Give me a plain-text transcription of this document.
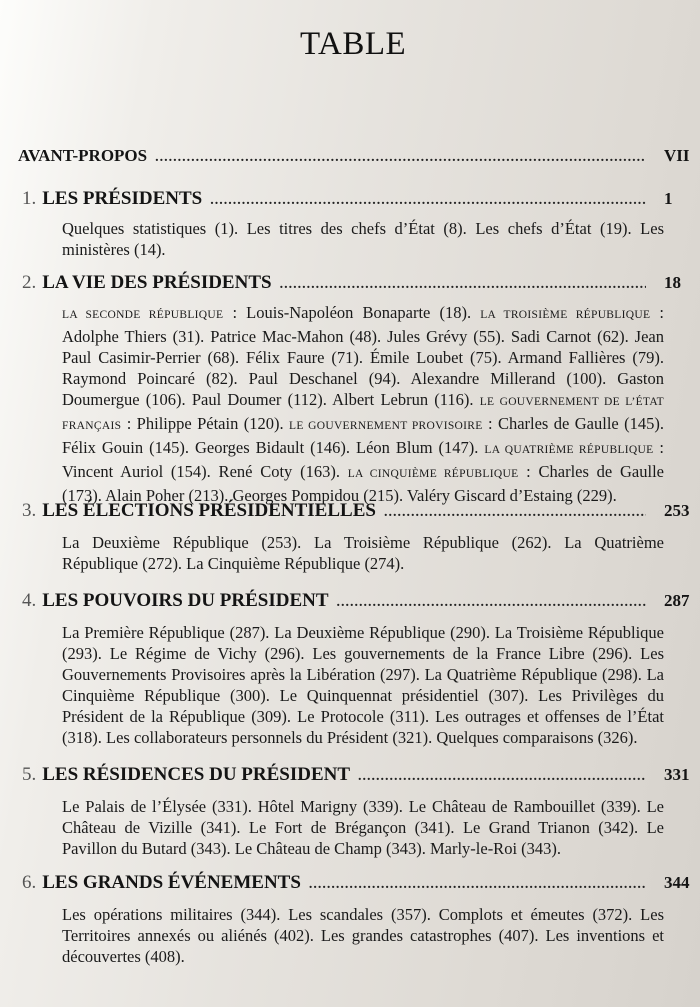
TABLE
AVANT-PROPOS .....	VII
1. LES PRÉSIDENTS .....	1
Quelques statistiques (1). Les titres des chefs d’État (8). Les chefs d’État (19). Les ministères (14).
2. LA VIE DES PRÉSIDENTS .....	18
LA SECONDE RÉPUBLIQUE : Louis-Napoléon Bonaparte (18). LA TROISIÈME RÉPUBLIQUE : Adolphe Thiers (31). Patrice Mac-Mahon (48). Jules Grévy (55). Sadi Carnot (62). Jean Paul Casimir-Perrier (68). Félix Faure (71). Émile Loubet (75). Armand Fallières (79). Raymond Poincaré (82). Paul Deschanel (94). Alexandre Millerand (100). Gaston Doumergue (106). Paul Doumer (112). Albert Lebrun (116). LE GOUVERNEMENT DE L’ÉTAT FRANÇAIS : Philippe Pétain (120). LE GOUVERNEMENT PROVISOIRE : Charles de Gaulle (145). Félix Gouin (145). Georges Bidault (146). Léon Blum (147). LA QUATRIÈME RÉPUBLIQUE : Vincent Auriol (154). René Coty (163). LA CINQUIÈME RÉPUBLIQUE : Charles de Gaulle (173). Alain Poher (213). Georges Pompidou (215). Valéry Giscard d’Estaing (229).
3. LES ÉLECTIONS PRÉSIDENTIELLES .....	253
La Deuxième République (253). La Troisième République (262). La Quatrième République (272). La Cinquième République (274).
4. LES POUVOIRS DU PRÉSIDENT .....	287
La Première République (287). La Deuxième République (290). La Troisième République (293). Le Régime de Vichy (296). Les gouvernements de la France Libre (296). Les Gouvernements Provisoires après la Libération (297). La Quatrième République (298). La Cinquième République (300). Le Quinquennat présidentiel (307). Les Privilèges du Président de la République (309). Le Protocole (311). Les outrages et offenses de l’État (318). Les collaborateurs personnels du Président (321). Quelques comparaisons (326).
5. LES RÉSIDENCES DU PRÉSIDENT .....	331
Le Palais de l’Élysée (331). Hôtel Marigny (339). Le Château de Rambouillet (339). Le Château de Vizille (341). Le Fort de Brégançon (341). Le Grand Trianon (342). Le Pavillon du Butard (343). Le Château de Champ (343). Marly-le-Roi (343).
6. LES GRANDS ÉVÉNEMENTS .....	344
Les opérations militaires (344). Les scandales (357). Complots et émeutes (372). Les Territoires annexés ou aliénés (402). Les grandes catastrophes (407). Les inventions et découvertes (408).
